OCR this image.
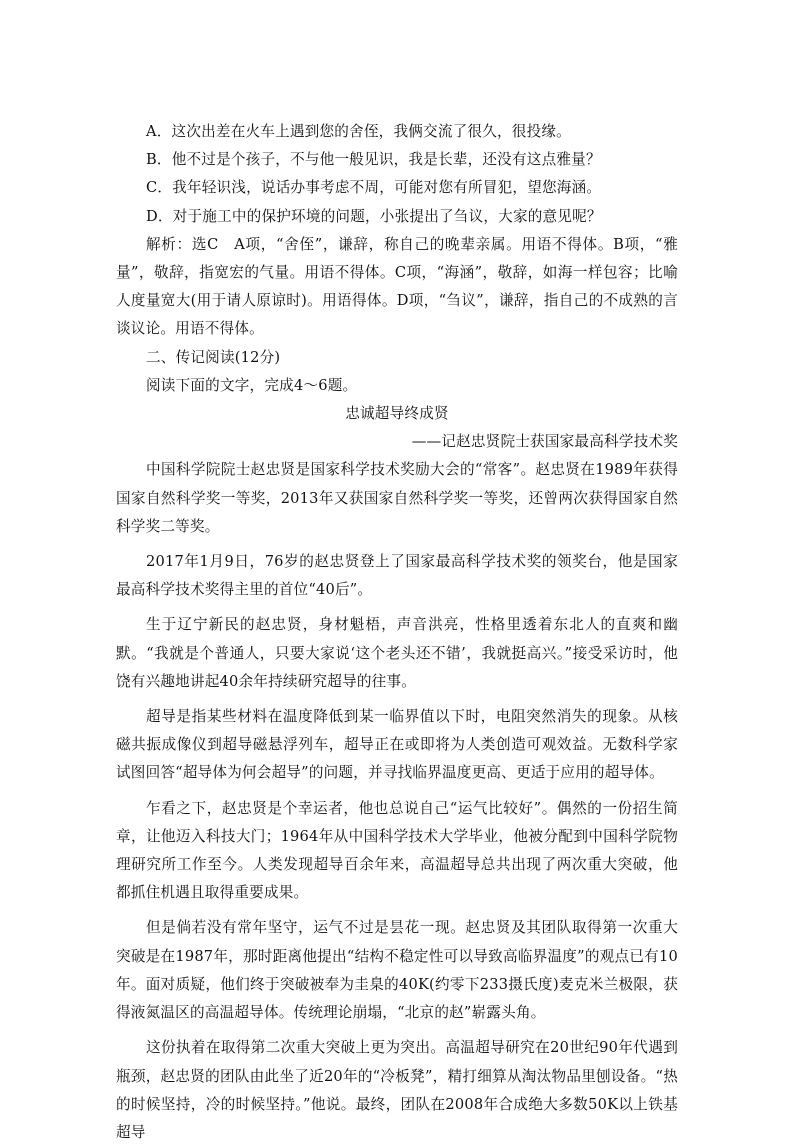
A．这次出差在火车上遇到您的舍侄，我俩交流了很久，很投缘。

B．他不过是个孩子，不与他一般见识，我是长辈，还没有这点雅量？

C．我年轻识浅，说话办事考虑不周，可能对您有所冒犯，望您海涵。

D．对于施工中的保护环境的问题，小张提出了刍议，大家的意见呢？

解析：选C　A项，“舍侄”，谦辞，称自己的晚辈亲属。用语不得体。B项，“雅量”，敬辞，指宽宏的气量。用语不得体。C项，“海涵”，敬辞，如海一样包容；比喻人度量宽大(用于请人原谅时)。用语得体。D项，“刍议”，谦辞，指自己的不成熟的言谈议论。用语不得体。

二、传记阅读(12分)

阅读下面的文字，完成4～6题。

忠诚超导终成贤

——记赵忠贤院士获国家最高科学技术奖

中国科学院院士赵忠贤是国家科学技术奖励大会的“常客”。赵忠贤在1989年获得国家自然科学奖一等奖，2013年又获国家自然科学奖一等奖，还曾两次获得国家自然科学奖二等奖。

2017年1月9日，76岁的赵忠贤登上了国家最高科学技术奖的领奖台，他是国家最高科学技术奖得主里的首位“40后”。

生于辽宁新民的赵忠贤，身材魁梧，声音洪亮，性格里透着东北人的直爽和幽默。“我就是个普通人，只要大家说‘这个老头还不错’，我就挺高兴。”接受采访时，他饶有兴趣地讲起40余年持续研究超导的往事。

超导是指某些材料在温度降低到某一临界值以下时，电阻突然消失的现象。从核磁共振成像仪到超导磁悬浮列车，超导正在或即将为人类创造可观效益。无数科学家试图回答“超导体为何会超导”的问题，并寻找临界温度更高、更适于应用的超导体。

乍看之下，赵忠贤是个幸运者，他也总说自己“运气比较好”。偶然的一份招生简章，让他迈入科技大门；1964年从中国科学技术大学毕业，他被分配到中国科学院物理研究所工作至今。人类发现超导百余年来，高温超导总共出现了两次重大突破，他都抓住机遇且取得重要成果。

但是倘若没有常年坚守，运气不过是昙花一现。赵忠贤及其团队取得第一次重大突破是在1987年，那时距离他提出“结构不稳定性可以导致高临界温度”的观点已有10年。面对质疑，他们终于突破被奉为圭臬的40K(约零下233摄氏度)麦克米兰极限，获得液氮温区的高温超导体。传统理论崩塌，“北京的赵”崭露头角。

这份执着在取得第二次重大突破上更为突出。高温超导研究在20世纪90年代遇到瓶颈，赵忠贤的团队由此坐了近20年的“冷板凳”，精打细算从淘汰物品里刨设备。“热的时候坚持，冷的时候坚持。”他说。最终，团队在2008年合成绝大多数50K以上铁基超导
